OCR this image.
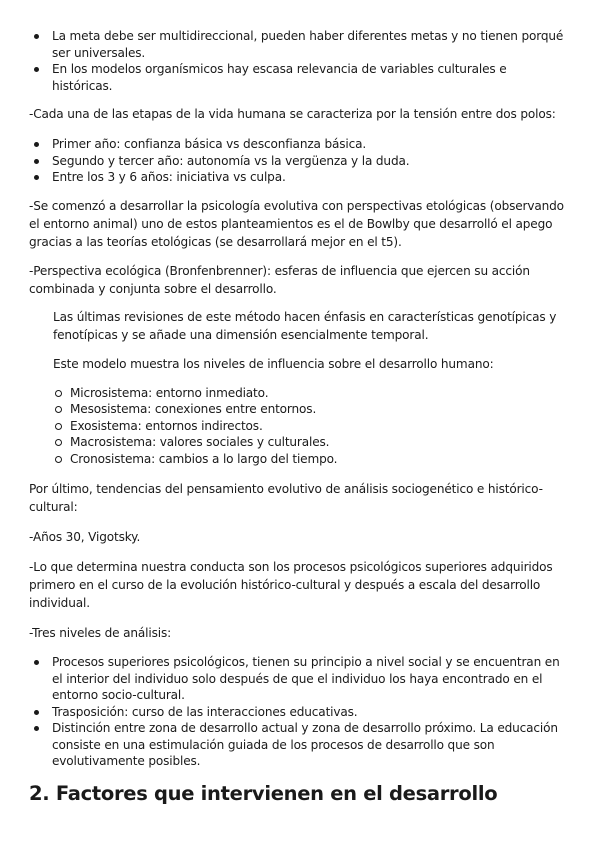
La meta debe ser multidireccional, pueden haber diferentes metas y no tienen porqué ser universales.
En los modelos organísmicos hay escasa relevancia de variables culturales e históricas.

-Cada una de las etapas de la vida humana se caracteriza por la tensión entre dos polos:

Primer año: confianza básica vs desconfianza básica.
Segundo y tercer año: autonomía vs la vergüenza y la duda.
Entre los 3 y 6 años: iniciativa vs culpa.

-Se comenzó a desarrollar la psicología evolutiva con perspectivas etológicas (observando el entorno animal) uno de estos planteamientos es el de Bowlby que desarrolló el apego gracias a las teorías etológicas (se desarrollará mejor en el t5).

-Perspectiva ecológica (Bronfenbrenner): esferas de influencia que ejercen su acción combinada y conjunta sobre el desarrollo.

Las últimas revisiones de este método hacen énfasis en características genotípicas y fenotípicas y se añade una dimensión esencialmente temporal.

Este modelo muestra los niveles de influencia sobre el desarrollo humano:

Microsistema: entorno inmediato.
Mesosistema: conexiones entre entornos.
Exosistema: entornos indirectos.
Macrosistema: valores sociales y culturales.
Cronosistema: cambios a lo largo del tiempo.

Por último, tendencias del pensamiento evolutivo de análisis sociogenético e histórico-cultural:

-Años 30, Vigotsky.

-Lo que determina nuestra conducta son los procesos psicológicos superiores adquiridos primero en el curso de la evolución histórico-cultural y después a escala del desarrollo individual.

-Tres niveles de análisis:

Procesos superiores psicológicos, tienen su principio a nivel social y se encuentran en el interior del individuo solo después de que el individuo los haya encontrado en el entorno socio-cultural.
Trasposición: curso de las interacciones educativas.
Distinción entre zona de desarrollo actual y zona de desarrollo próximo. La educación consiste en una estimulación guiada de los procesos de desarrollo que son evolutivamente posibles.
2. Factores que intervienen en el desarrollo
